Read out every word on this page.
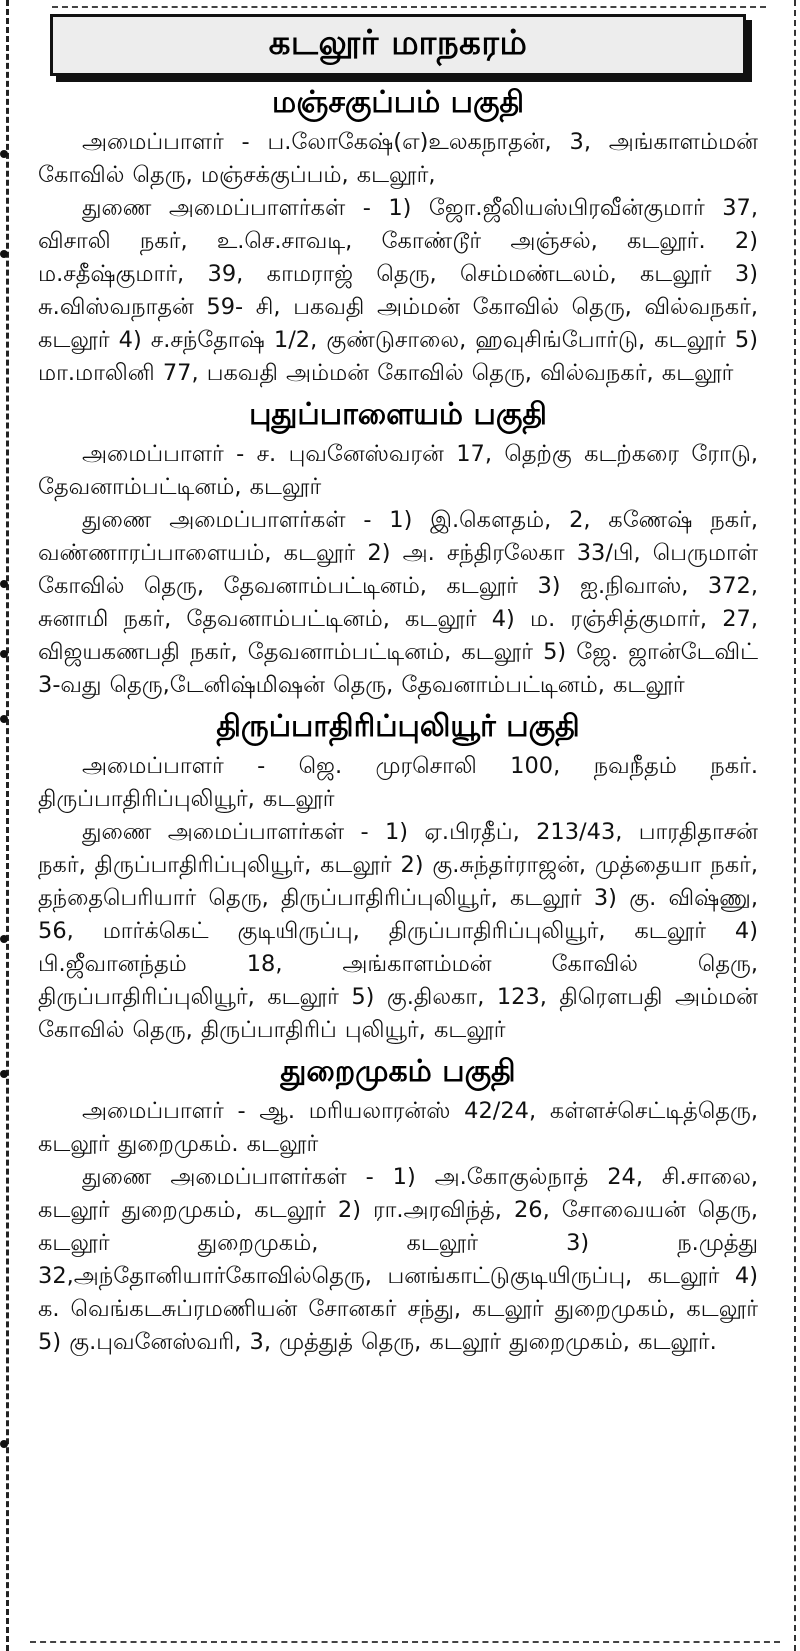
கடலூர் மாநகரம்
மஞ்சகுப்பம் பகுதி

அமைப்பாளர் - ப.லோகேஷ்(எ)உலகநாதன், 3, அங்காளம்மன் கோவில் தெரு, மஞ்சக்குப்பம், கடலூர்,

துணை அமைப்பாளர்கள் - 1) ஜோ.ஜீலியஸ்பிரவீன்குமார் 37, விசாலி நகர், உ.செ.சாவடி, கோண்டூர் அஞ்சல், கடலூர். 2) ம.சதீஷ்குமார், 39, காமராஜ் தெரு, செம்மண்டலம், கடலூர் 3) சு.விஸ்வநாதன் 59- சி, பகவதி அம்மன் கோவில் தெரு, வில்வநகர், கடலூர் 4) ச.சந்தோஷ் 1/2, குண்டுசாலை, ஹவுசிங்போர்டு, கடலூர் 5) மா.மாலினி 77, பகவதி அம்மன் கோவில் தெரு, வில்வநகர், கடலூர்

புதுப்பாளையம் பகுதி

அமைப்பாளர் - ச. புவனேஸ்வரன் 17, தெற்கு கடற்கரை ரோடு, தேவனாம்பட்டினம், கடலூர்

துணை அமைப்பாளர்கள் - 1) இ.கௌதம், 2, கணேஷ் நகர், வண்ணாரப்பாளையம், கடலூர் 2) அ. சந்திரலேகா 33/பி, பெருமாள் கோவில் தெரு, தேவனாம்பட்டினம், கடலூர் 3) ஐ.நிவாஸ், 372, சுனாமி நகர், தேவனாம்பட்டினம், கடலூர் 4) ம. ரஞ்சித்குமார், 27, விஜயகணபதி நகர், தேவனாம்பட்டினம், கடலூர் 5) ஜே. ஜான்டேவிட் 3-வது தெரு,டேனிஷ்மிஷன் தெரு, தேவனாம்பட்டினம், கடலூர்

திருப்பாதிரிப்புலியூர் பகுதி

அமைப்பாளர் - ஜெ. முரசொலி 100, நவநீதம் நகர். திருப்பாதிரிப்புலியூர், கடலூர்

துணை அமைப்பாளர்கள் - 1) ஏ.பிரதீப், 213/43, பாரதிதாசன் நகர், திருப்பாதிரிப்புலியூர், கடலூர் 2) கு.சுந்தர்ராஜன், முத்தையா நகர், தந்தைபெரியார் தெரு, திருப்பாதிரிப்புலியூர், கடலூர் 3) கு. விஷ்ணு, 56, மார்க்கெட் குடியிருப்பு, திருப்பாதிரிப்புலியூர், கடலூர் 4) பி.ஜீவானந்தம் 18, அங்காளம்மன் கோவில் தெரு, திருப்பாதிரிப்புலியூர், கடலூர் 5) கு.திலகா, 123, திரௌபதி அம்மன் கோவில் தெரு, திருப்பாதிரிப் புலியூர், கடலூர்

துறைமுகம் பகுதி

அமைப்பாளர் - ஆ. மரியலாரன்ஸ் 42/24, கள்ளச்செட்டித்தெரு, கடலூர் துறைமுகம். கடலூர்

துணை அமைப்பாளர்கள் - 1) அ.கோகுல்நாத் 24, சி.சாலை, கடலூர் துறைமுகம், கடலூர் 2) ரா.அரவிந்த், 26, சோவையன் தெரு, கடலூர் துறைமுகம், கடலூர் 3) ந.முத்து 32,அந்தோனியார்கோவில்தெரு, பனங்காட்டுகுடியிருப்பு, கடலூர் 4) க. வெங்கடசுப்ரமணியன் சோனகர் சந்து, கடலூர் துறைமுகம், கடலூர் 5) கு.புவனேஸ்வரி, 3, முத்துத் தெரு, கடலூர் துறைமுகம், கடலூர்.
